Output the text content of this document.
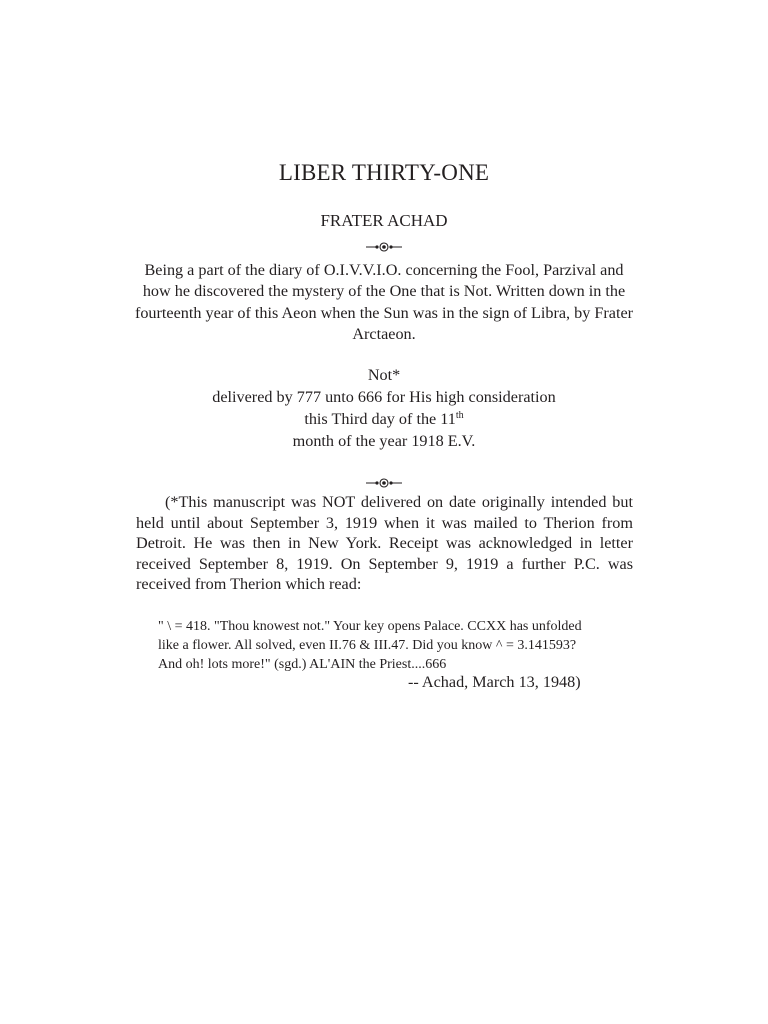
LIBER THIRTY-ONE
FRATER ACHAD
Being a part of the diary of O.I.V.V.I.O. concerning the Fool, Parzival and how he discovered the mystery of the One that is Not. Written down in the fourteenth year of this Aeon when the Sun was in the sign of Libra, by Frater Arctaeon.
Not*
delivered by 777 unto 666 for His high consideration
this Third day of the 11th
month of the year 1918 E.V.
(*This manuscript was NOT delivered on date originally intended but held until about September 3, 1919 when it was mailed to Therion from Detroit. He was then in New York. Receipt was acknowledged in letter received September 8, 1919. On September 9, 1919 a further P.C. was received from Therion which read:
" \ = 418. "Thou knowest not." Your key opens Palace. CCXX has unfolded
like a flower. All solved, even II.76 & III.47. Did you know ^ = 3.141593?
And oh! lots more!" (sgd.) AL'AIN the Priest....666
-- Achad, March 13, 1948)
